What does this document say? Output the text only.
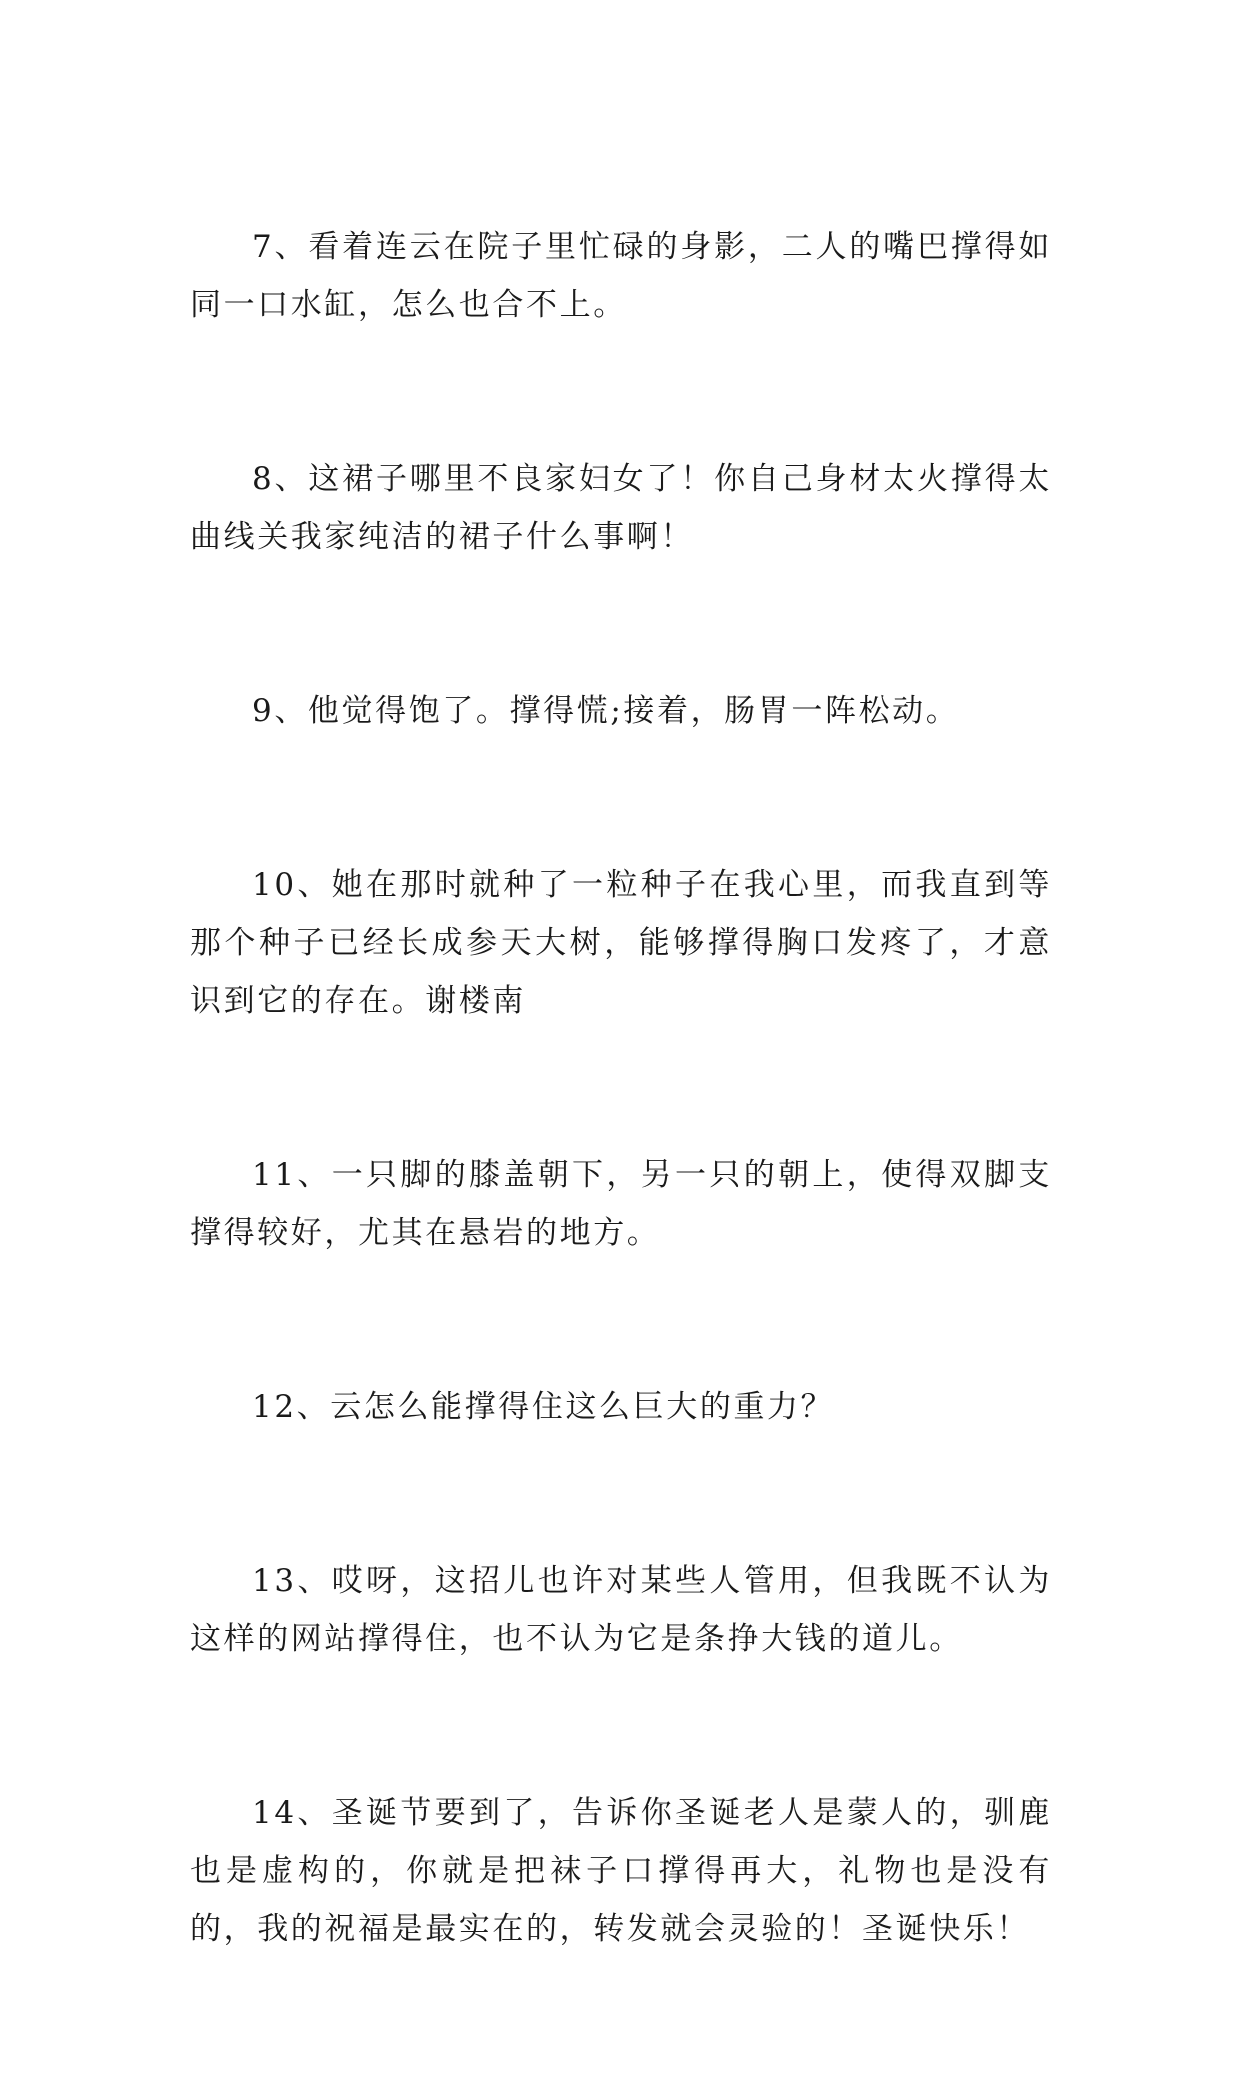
7、看着连云在院子里忙碌的身影，二人的嘴巴撑得如同一口水缸，怎么也合不上。

8、这裙子哪里不良家妇女了！你自己身材太火撑得太曲线关我家纯洁的裙子什么事啊！

9、他觉得饱了。撑得慌;接着，肠胃一阵松动。

10、她在那时就种了一粒种子在我心里，而我直到等那个种子已经长成参天大树，能够撑得胸口发疼了，才意识到它的存在。谢楼南

11、一只脚的膝盖朝下，另一只的朝上，使得双脚支撑得较好，尤其在悬岩的地方。

12、云怎么能撑得住这么巨大的重力？

13、哎呀，这招儿也许对某些人管用，但我既不认为这样的网站撑得住，也不认为它是条挣大钱的道儿。

14、圣诞节要到了，告诉你圣诞老人是蒙人的，驯鹿也是虚构的，你就是把袜子口撑得再大，礼物也是没有的，我的祝福是最实在的，转发就会灵验的！圣诞快乐！
